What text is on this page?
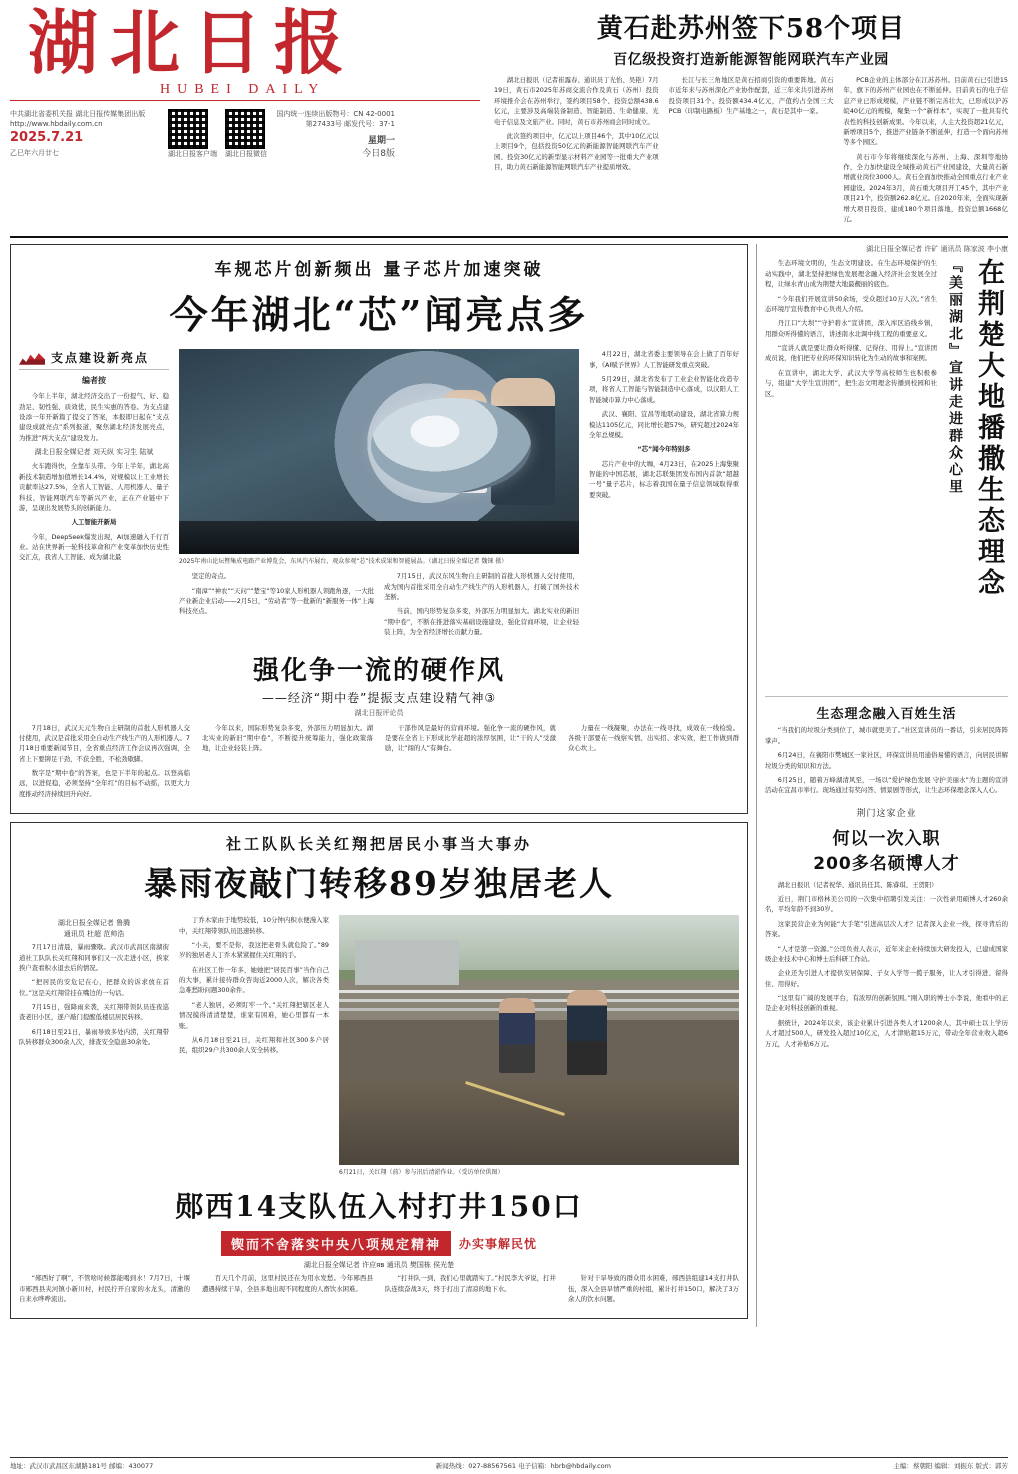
湖北日报
HUBEI DAILY
中共湖北省委机关报 湖北日报传媒集团出版
http://www.hbdaily.com.cn
2025.7.21
乙巳年六月廿七	湖北日报客户端 湖北日报微信
国内统一连续出版物号：CN 42-0001
第27433号 邮发代号：37-1
星期一
今日8版
黄石赴苏州签下58个项目
百亿级投资打造新能源智能网联汽车产业园

湖北日报讯（记者崔露春、通讯员丁光怡、吴艳）7月19日，黄石市2025年苏商交流合作及黄石（苏州）投资环境推介会在苏州举行，签约项目58个、投资总额438.6亿元，主要涉及高端装备制造、智能制造、生命健康、光电子信息及文旅产业。同时，黄石市苏州商会同时成立。

此次签约项目中，亿元以上项目46个，其中10亿元以上项目9个，包括投资50亿元的新能源智能网联汽车产业园、投资30亿元的新型显示材料产业园等一批重大产业项目，助力黄石新能源智能网联汽车产业提质增效。

长江与长三角地区是黄石招商引资的重要阵地。黄石市近年来与苏州深化产业协作配套，近三年来共引进苏州投资项目31个、投资额434.4亿元，产值约占全国三大PCB（印制电路板）生产基地之一，黄石是其中一家。

PCB企业的主体部分在江苏苏州。目前黄石已引进15年，旗下的苏州产业园也在不断延伸。目前黄石的电子信息产业已形成规模，产业链不断完善壮大，已形成以沪苏皖40亿元的规模，聚集一个“新样本”，实现了一批具有代表性的科技创新成果。今年以来，人主大投资超21亿元，新增项目5个，推进产业链条不断延伸，打造一个面向苏州等多个园区。

黄石市今年将继续深化与苏州、上海、深圳等地协作，全力加快建设全域推动黄石产业园建设，大量黄石新增就业岗位3000人。黄石全面加快推动全国重点行业产业园建设。2024年3月，黄石重大项目开工45个，其中产业项目21个，投资额262.8亿元。自2020年来，全面实现新增大项目投资，建成180个项目落地，投资总额1668亿元。

车规芯片创新频出 量子芯片加速突破
今年湖北“芯”闻亮点多
支点建设新亮点
编者按

今年上半年，湖北经济交出了一份提气、好、稳劲足、韧性强、质效优，民生实惠的答卷。为支点建设添一年开新篇了提交了答案，本报即日起在“支点建设成就亮点”系列报道，聚焦湖北经济发展亮点，为推进“两大支点”建设发力。

湖北日报全媒记者 刘天纵 实习生 陆斌

火车跑得快，全靠车头带。今年上半年，湖北高新技术制造增加值增长14.4%，对规模以上工业增长贡献率达27.5%，全省人工智能、人用机器人、量子科技、智能网联汽车等新兴产业，正在产业链中下游，呈现出发展势头的创新能力。

人工智能开新局

今年，DeepSeek爆发出现，AI加速融入千行百业。站在世界新一轮科技革命和产业变革加快历史性交汇点，我省人工智能、成为湖北最

2025年南山论坛暨集成电路产业博览会，东风汽车展台，观众参观“芯”技术成果和智能展品。（湖北日报全媒记者 魏铼 摄）

坚定的奇点。

“南漳”“神农”“天问”“楚宝”等10家人形机器人领跑角逐，一大批产业新企业启动——2月5日，“劳动者”等一批新的“新服务一体”上海科技亮点。

7月15日，武汉东风生物自主研制的首批人形机器人交付使用，成为国内首批采用全自动生产线生产的人形机器人，打破了国外技术垄断。

当前，国内形势复杂多变，外部压力明显加大。湖北实业的新旧“期中卷”，不断在推进落实基础设施建设，强化营商环境，让企业轻装上阵，为全省经济增长贡献力量。

4月22日，湖北省委主要领导在会上做了百年好事，《AI赋予世界》人工智能研发重点突破。

5月29日，湖北省发布了工业企业智能化改造专项，将省人工智能与智能制造中心落成，以汉阳人工智能城市算力中心落成。

武汉、襄阳、宜昌等地联动建设，湖北省算力规模达1105亿元，同比增长超57%，研究超过2024年全年总规模。

“芯”闻今年特别多

芯片产业中的大咖，4月23日，在2025上海集聚智能的中国芯展，湖北芯联集团发布国内首款“超越一号”量子芯片，标志着我国在量子信息领域取得重要突破。

强化争一流的硬作风
——经济“期中卷”提振支点建设精气神③
湖北日报评论员

7月18日，武汉天元生物自主研制的首批人形机器人交付使用，武汉是首批采用全自动生产线生产的人形机器人。7月18日重要新闻节目，全省重点经济工作会议再次强调，全省上下要铆足干劲，不获全胜，不松劲歇脚。

数字是“期中卷”的答案，也是下半年的起点。以登高临远，以进促稳，必须坚持“全年红”的目标不动摇，以更大力度推动经济持续回升向好。

今年以来，国际形势复杂多变，外部压力明显加大。湖北实业的新旧“期中卷”，不断提升统筹能力，强化政策落地，让企业轻装上阵。

干部作风是最好的营商环境。强化争一流的硬作风，就是要在全省上下形成比学赶超的浓厚氛围，让“干的人”受激励，让“闯的人”有舞台。

力量在一线凝聚，办法在一线寻找，成效在一线检验。各级干部要在一线察实情、出实招、求实效，把工作做到群众心坎上。

社工队队长关红翔把居民小事当大事办
暴雨夜敲门转移89岁独居老人
湖北日报全媒记者 鲁腾
通讯员 杜超 范帅浩

7月17日清晨，暴雨骤歇。武汉市武昌区南湖街道社工队队长关红翔和同事们又一次走进小区，挨家挨户查看积水退去后的情况。

“把居民的安危记在心，把群众的诉求放在首位。”这是关红翔常挂在嘴边的一句话。

7月15日，强降雨来袭，关红翔带领队员连夜巡查老旧小区，逐户敲门提醒低楼层居民转移。

6月18日至21日，暴雨导致多处内涝，关红翔带队转移群众300余人次，排查安全隐患30余处。

丁乔木家由于地势较低，10分钟内积水便漫入家中，关红翔带领队员迅速转移。

“小关，要不是你，我这把老骨头就危险了。”89岁的独居老人丁乔木紧紧握住关红翔的手。

在社区工作一年多，她她把“居民百事”当作自己的大事，累计接待群众咨询近2000人次，解决各类急难愁盼问题300余件。

“老人独居，必须盯牢一个。”关红翔把辖区老人情况摸得清清楚楚，谁家有困难，她心里都有一本账。

从6月18日至21日，关红翔和社区300多户居民，组织29户共300余人安全转移。

6月21日，关红翔（前）参与汛后清淤作业。（受访单位供图）
郧西14支队伍入村打井150口
锲而不舍落实中央八项规定精神	办实事解民忧
湖北日报全媒记者 许应яв 通讯员 樊国栋 侯光楚

“郧西好了啊”，不管啥时候都能喝到水！7月7日，十堰市郧西县夹河镇小新川村，村民拧开自家的水龙头，清澈的自来水哗哗流出。

百天几个月前，这里村民还在为用水发愁。今年郧西县遭遇持续干旱，全县多地出现不同程度的人畜饮水困难。

“打井队一到，我们心里就踏实了。”村民李大爷说，打井队连续奋战3天，终于打出了清凉的地下水。

针对干旱导致的群众用水困难，郧西县组建14支打井队伍，深入全县旱情严重的村组，累计打井150口，解决了3万余人的饮水问题。

湖北日报全媒记者 许矿 通讯员 陈家波 李小康

生态环境文明的，生态文明建设。在生态环境保护的生动实践中，湖北坚持把绿色发展理念融入经济社会发展全过程，让绿水青山成为荆楚大地最靓丽的底色。

“今年我们开展宣讲50余场，受众超过10万人次。”省生态环境厅宣传教育中心负责人介绍。

丹江口“大坝”“守护碧水”宣讲团，深入库区沿线乡镇，用群众听得懂的语言，讲述南水北调中线工程的重要意义。

“宣讲人就是要让群众听得懂、记得住、用得上。”宣讲团成员说，他们把专业的环保知识转化为生动的故事和案例。

在宣讲中，湖北大学、武汉大学等高校师生也积极参与，组建“大学生宣讲团”，把生态文明理念传播到校园和社区。	『美丽湖北』宣讲走进群众心里 在荆楚大地播撒生态理念
生态理念融入百姓生活

“当我们的垃圾分类到位了，城市就更美了。”社区宣讲员的一番话，引来居民阵阵掌声。

6月24日，在襄阳市樊城区一家社区，环保宣讲员用通俗易懂的语言，向居民讲解垃圾分类的知识和方法。

6月25日，随着万峰湖清风至，一场以“爱护绿色发展 守护美丽水”为主题的宣讲活动在宜昌市举行。现场通过有奖问答、情景剧等形式，让生态环保理念深入人心。

荆门这家企业
何以一次入职
200多名硕博人才

湖北日报讯（记者祝华、通讯员任其、陈睿琪、王贺阳）

近日，荆门市格林美公司的一次集中招聘引发关注：一次性录用硕博人才260余名，平均年龄不到30岁。

这家民营企业为何能“大手笔”引进高层次人才？记者深入企业一线，探寻背后的答案。

“人才是第一资源。”公司负责人表示，近年来企业持续加大研发投入，已建成国家级企业技术中心和博士后科研工作站。

企业还为引进人才提供安居保障、子女入学等一揽子服务，让人才引得进、留得住、用得好。

“这里有广阔的发展平台，有浓厚的创新氛围。”刚入职的博士小李说，他看中的正是企业对科技创新的重视。

据统计，2024年以来，该企业累计引进各类人才1200余人，其中硕士以上学历人才超过500人，研发投入超过10亿元，人才津贴超15万元，带动全年营业收入超6万元，人才补贴6万元。

地址：武汉市武昌区东湖路181号 邮编：430077	新闻热线：027-88567561 电子信箱：hbrb@hbdaily.com	主编：蔡朝阳 编辑：刘振东 版式：郭芳
